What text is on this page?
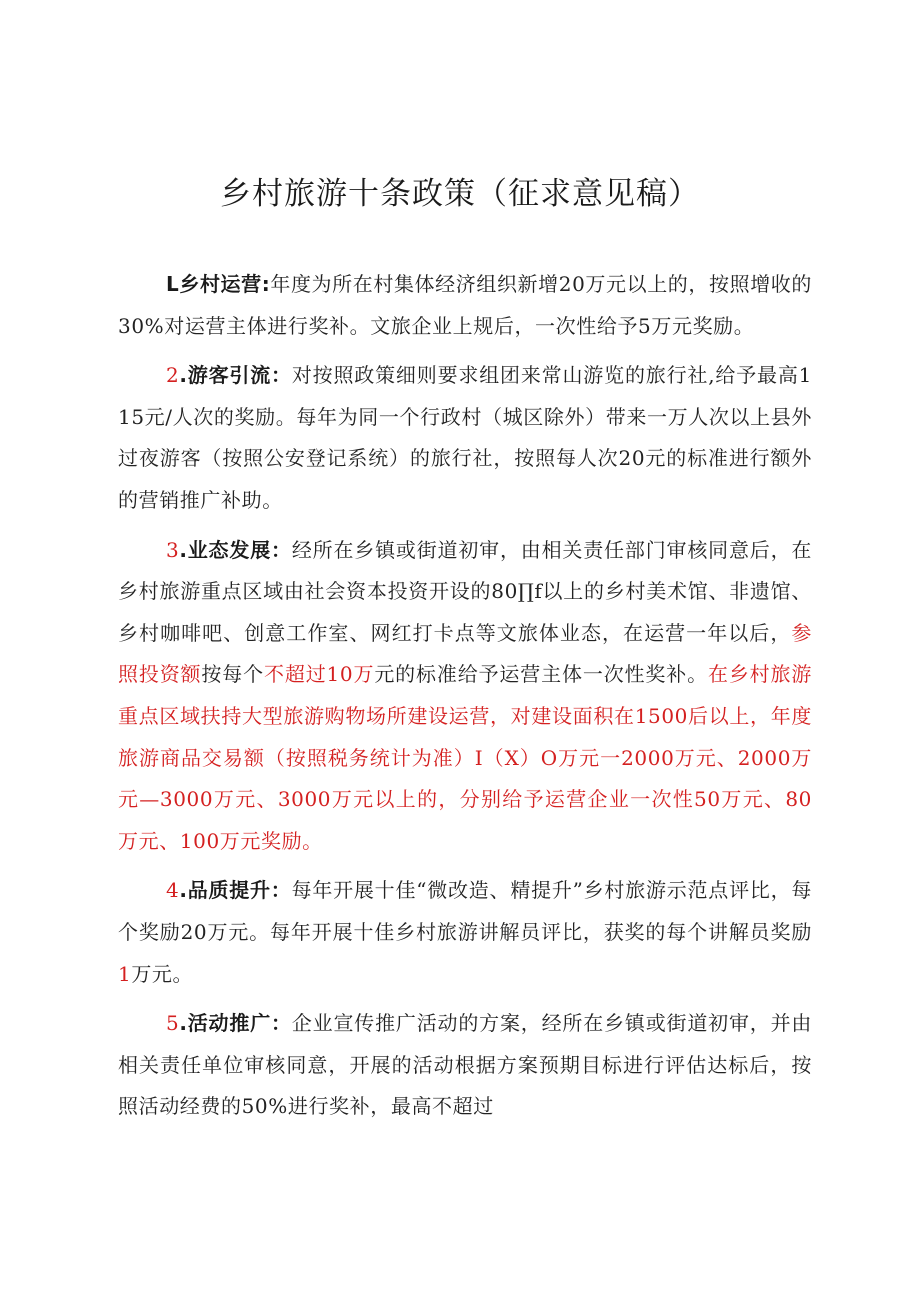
乡村旅游十条政策（征求意见稿）

L乡村运营:年度为所在村集体经济组织新增20万元以上的，按照增收的30%对运营主体进行奖补。文旅企业上规后，一次性给予5万元奖励。

2.游客引流：对按照政策细则要求组团来常山游览的旅行社,给予最高115元/人次的奖励。每年为同一个行政村（城区除外）带来一万人次以上县外过夜游客（按照公安登记系统）的旅行社，按照每人次20元的标准进行额外的营销推广补助。

3.业态发展：经所在乡镇或街道初审，由相关责任部门审核同意后，在乡村旅游重点区域由社会资本投资开设的80∏f以上的乡村美术馆、非遗馆、乡村咖啡吧、创意工作室、网红打卡点等文旅体业态，在运营一年以后，参照投资额按每个不超过10万元的标准给予运营主体一次性奖补。在乡村旅游重点区域扶持大型旅游购物场所建设运营，对建设面积在1500后以上，年度旅游商品交易额（按照税务统计为准）I（X）O万元一2000万元、2000万元—3000万元、3000万元以上的，分别给予运营企业一次性50万元、80万元、100万元奖励。

4.品质提升：每年开展十佳“微改造、精提升”乡村旅游示范点评比，每个奖励20万元。每年开展十佳乡村旅游讲解员评比，获奖的每个讲解员奖励1万元。

5.活动推广：企业宣传推广活动的方案，经所在乡镇或街道初审，并由相关责任单位审核同意，开展的活动根据方案预期目标进行评估达标后，按照活动经费的50%进行奖补，最高不超过
